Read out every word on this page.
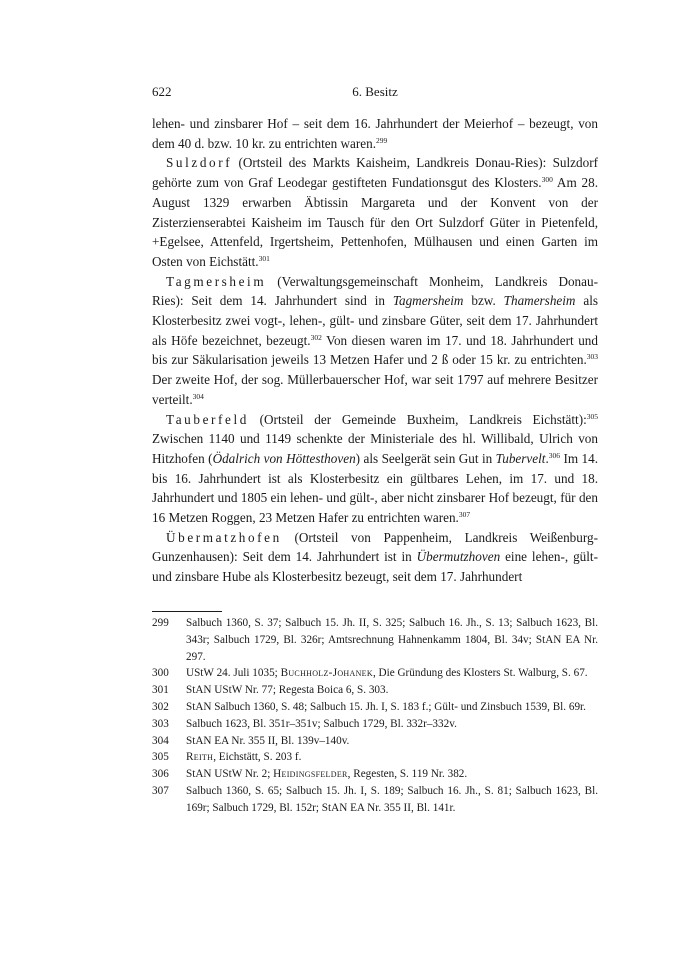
622	6. Besitz

lehen- und zinsbarer Hof – seit dem 16. Jahrhundert der Meierhof – bezeugt, von dem 40 d. bzw. 10 kr. zu entrichten waren.$^{299}$

Sulzdorf (Ortsteil des Markts Kaisheim, Landkreis Donau-Ries): Sulzdorf gehörte zum von Graf Leodegar gestifteten Fundationsgut des Klosters.$^{300}$ Am 28. August 1329 erwarben Äbtissin Margareta und der Konvent von der Zisterzienserabtei Kaisheim im Tausch für den Ort Sulzdorf Güter in Pietenfeld, +Egelsee, Attenfeld, Irgertsheim, Pettenhofen, Mülhausen und einen Garten im Osten von Eichstätt.$^{301}$

Tagmersheim (Verwaltungsgemeinschaft Monheim, Landkreis Donau-Ries): Seit dem 14. Jahrhundert sind in Tagmersheim bzw. Thamersheim als Klosterbesitz zwei vogt-, lehen-, gült- und zinsbare Güter, seit dem 17. Jahrhundert als Höfe bezeichnet, bezeugt.$^{302}$ Von diesen waren im 17. und 18. Jahrhundert und bis zur Säkularisation jeweils 13 Metzen Hafer und 2 ß oder 15 kr. zu entrichten.$^{303}$ Der zweite Hof, der sog. Müllerbauerscher Hof, war seit 1797 auf mehrere Besitzer verteilt.$^{304}$

Tauberfeld (Ortsteil der Gemeinde Buxheim, Landkreis Eichstätt):$^{305}$ Zwischen 1140 und 1149 schenkte der Ministeriale des hl. Willibald, Ulrich von Hitzhofen (Ödalrich von Höttesthoven) als Seelgerät sein Gut in Tubervelt.$^{306}$ Im 14. bis 16. Jahrhundert ist als Klosterbesitz ein gültbares Lehen, im 17. und 18. Jahrhundert und 1805 ein lehen- und gült-, aber nicht zinsbarer Hof bezeugt, für den 16 Metzen Roggen, 23 Metzen Hafer zu entrichten waren.$^{307}$

Übermatzhofen (Ortsteil von Pappenheim, Landkreis Weißenburg-Gunzenhausen): Seit dem 14. Jahrhundert ist in Übermutzhoven eine lehen-, gült- und zinsbare Hube als Klosterbesitz bezeugt, seit dem 17. Jahrhundert

299 Salbuch 1360, S. 37; Salbuch 15. Jh. II, S. 325; Salbuch 16. Jh., S. 13; Salbuch 1623, Bl. 343r; Salbuch 1729, Bl. 326r; Amtsrechnung Hahnenkamm 1804, Bl. 34v; StAN EA Nr. 297.
300 UStW 24. Juli 1035; Buchholz-Johanek, Die Gründung des Klosters St. Walburg, S. 67.
301 StAN UStW Nr. 77; Regesta Boica 6, S. 303.
302 StAN Salbuch 1360, S. 48; Salbuch 15. Jh. I, S. 183 f.; Gült- und Zinsbuch 1539, Bl. 69r.
303 Salbuch 1623, Bl. 351r–351v; Salbuch 1729, Bl. 332r–332v.
304 StAN EA Nr. 355 II, Bl. 139v–140v.
305 Reith, Eichstätt, S. 203 f.
306 StAN UStW Nr. 2; Heidingsfelder, Regesten, S. 119 Nr. 382.
307 Salbuch 1360, S. 65; Salbuch 15. Jh. I, S. 189; Salbuch 16. Jh., S. 81; Salbuch 1623, Bl. 169r; Salbuch 1729, Bl. 152r; StAN EA Nr. 355 II, Bl. 141r.
